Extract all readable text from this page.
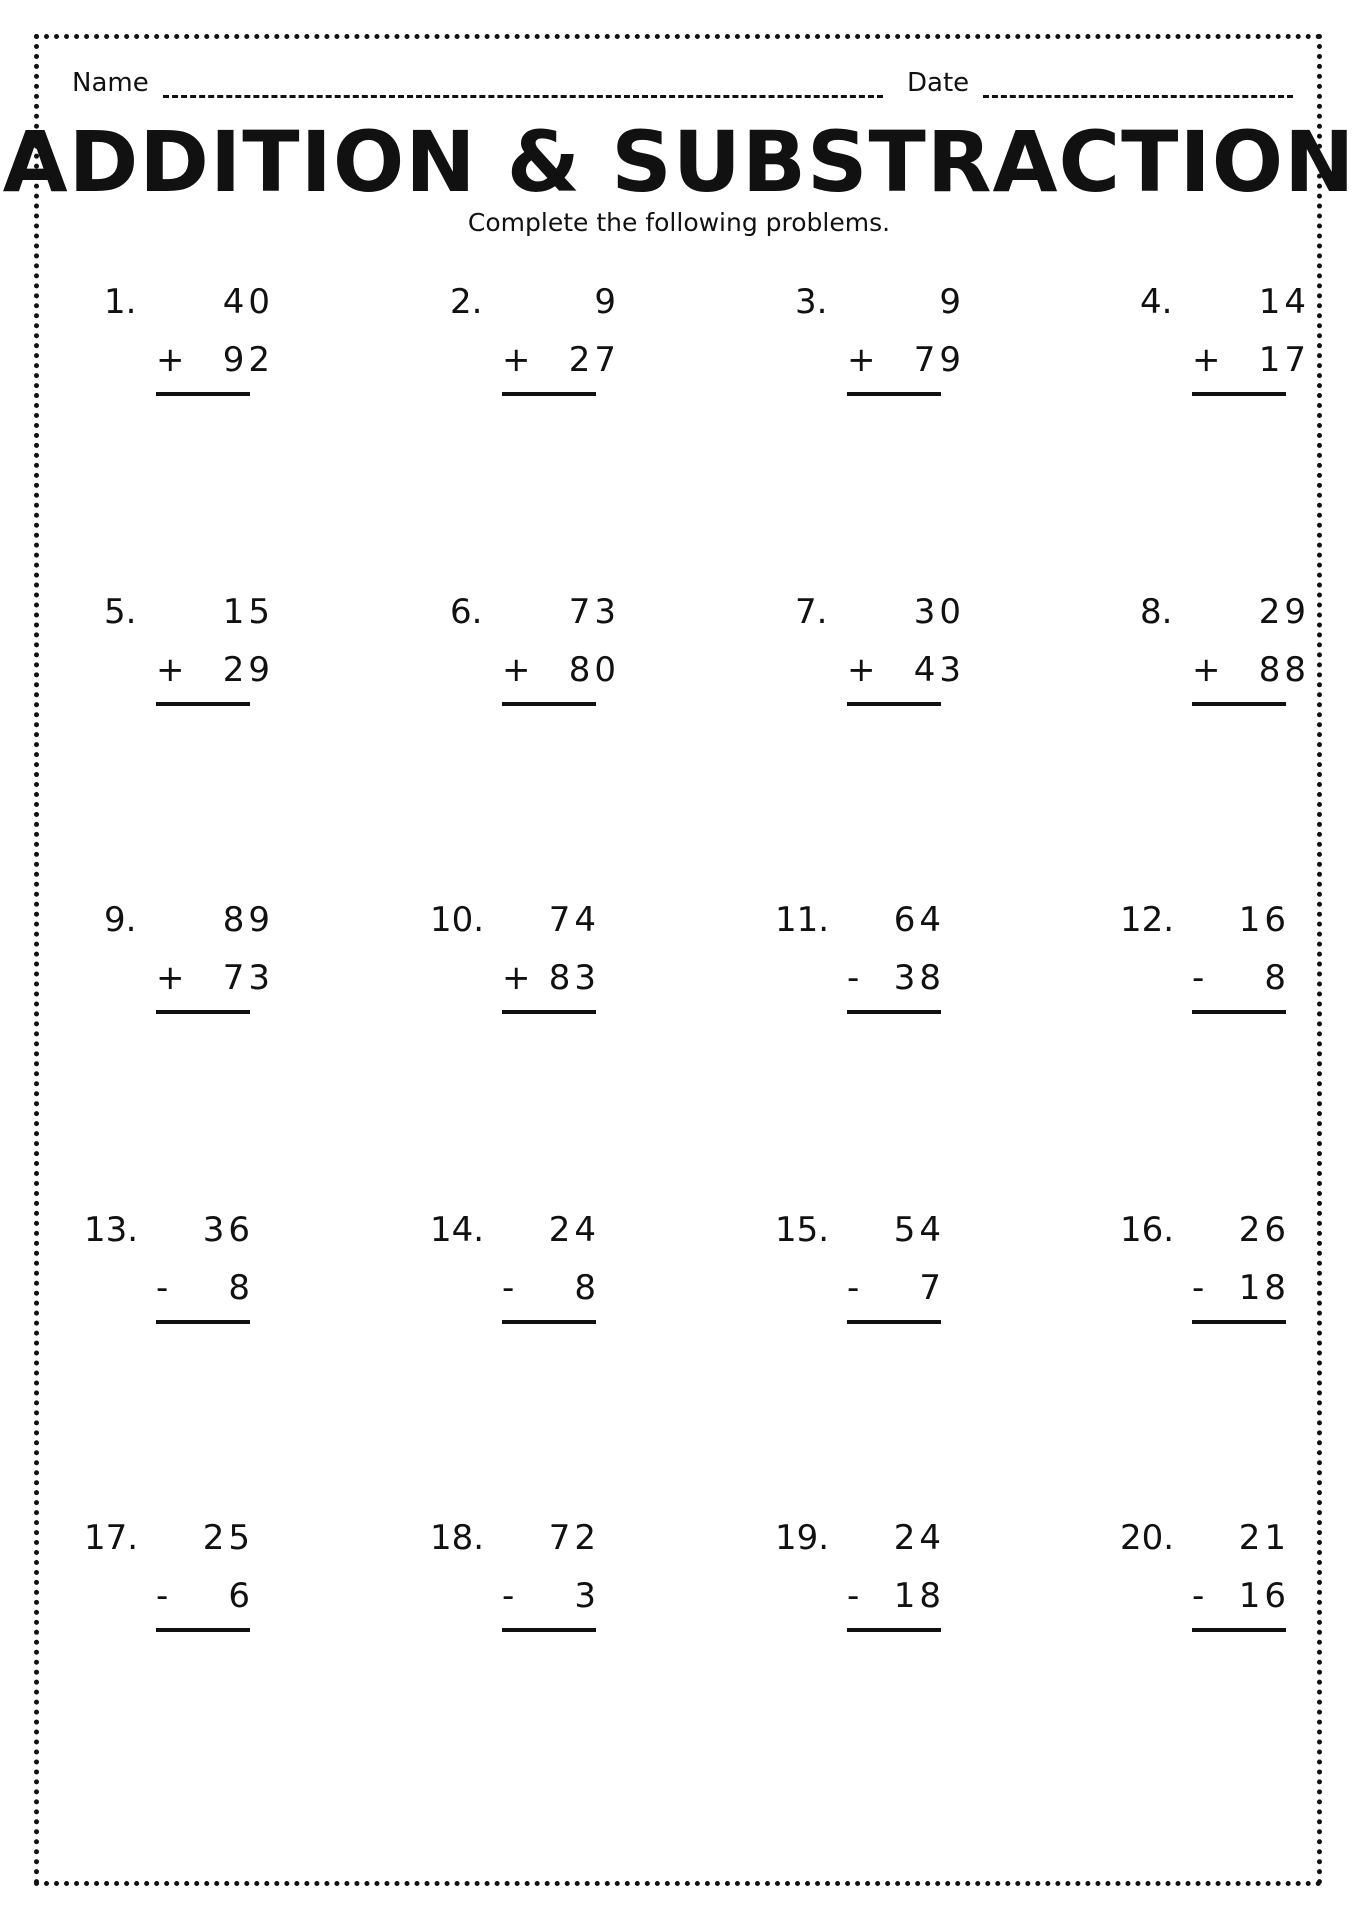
Name	Date
ADDITION & SUBSTRACTION
Complete the following problems.
1.	40
+ 92
2.	9
+ 27
3.	9
+ 79
4.	14
+ 17
5.	15
+ 29
6.	73
+ 80
7.	30
+ 43
8.	29
+ 88
9.	89
+ 73
10. 74
+ 83
11. 64
- 38
12. 16
- 8
13. 36
- 8
14. 24
- 8
15. 54
- 7
16. 26
- 18
17. 25
- 6
18. 72
- 3
19. 24
- 18
20. 21
- 16
